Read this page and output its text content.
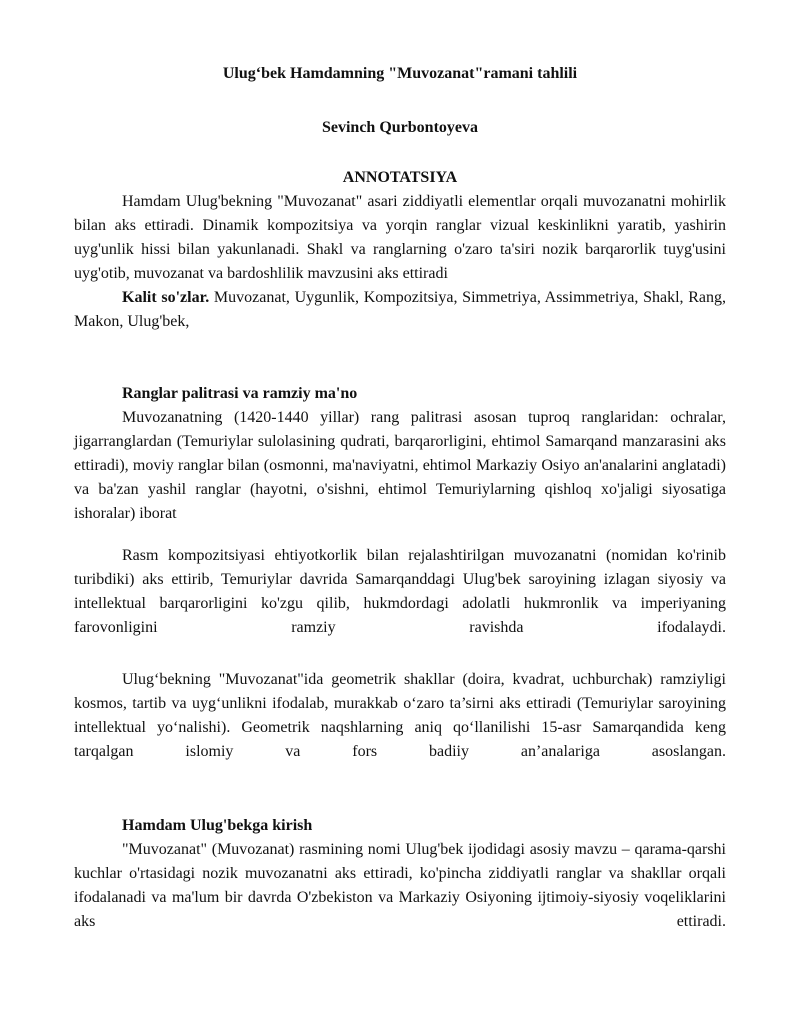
Ulug‘bek Hamdamning "Muvozanat"ramani tahlili
Sevinch Qurbontoyeva
ANNOTATSIYA

Hamdam Ulug'bekning "Muvozanat" asari ziddiyatli elementlar orqali muvozanatni mohirlik bilan aks ettiradi. Dinamik kompozitsiya va yorqin ranglar vizual keskinlikni yaratib, yashirin uyg'unlik hissi bilan yakunlanadi. Shakl va ranglarning o'zaro ta'siri nozik barqarorlik tuyg'usini uyg'otib, muvozanat va bardoshlilik mavzusini aks ettiradi

Kalit so'zlar. Muvozanat, Uygunlik, Kompozitsiya, Simmetriya, Assimmetriya, Shakl, Rang, Makon, Ulug'bek,

Ranglar palitrasi va ramziy ma'no

Muvozanatning (1420-1440 yillar) rang palitrasi asosan tuproq ranglaridan: ochralar, jigarranglardan (Temuriylar sulolasining qudrati, barqarorligini, ehtimol Samarqand manzarasini aks ettiradi), moviy ranglar bilan (osmonni, ma'naviyatni, ehtimol Markaziy Osiyo an'analarini anglatadi) va ba'zan yashil ranglar (hayotni, o'sishni, ehtimol Temuriylarning qishloq xo'jaligi siyosatiga ishoralar) iborat

Rasm kompozitsiyasi ehtiyotkorlik bilan rejalashtirilgan muvozanatni (nomidan ko'rinib turibdiki) aks ettirib, Temuriylar davrida Samarqanddagi Ulug'bek saroyining izlagan siyosiy va intellektual barqarorligini ko'zgu qilib, hukmdordagi adolatli hukmronlik va imperiyaning farovonligini ramziy ravishda ifodalaydi.

Ulug‘bekning "Muvozanat"ida geometrik shakllar (doira, kvadrat, uchburchak) ramziyligi kosmos, tartib va uyg‘unlikni ifodalab, murakkab o‘zaro ta’sirni aks ettiradi (Temuriylar saroyining intellektual yo‘nalishi). Geometrik naqshlarning aniq qo‘llanilishi 15-asr Samarqandida keng tarqalgan islomiy va fors badiiy an’analariga asoslangan.

Hamdam Ulug'bekga kirish

"Muvozanat" (Muvozanat) rasmining nomi Ulug'bek ijodidagi asosiy mavzu – qarama-qarshi kuchlar o'rtasidagi nozik muvozanatni aks ettiradi, ko'pincha ziddiyatli ranglar va shakllar orqali ifodalanadi va ma'lum bir davrda O'zbekiston va Markaziy Osiyoning ijtimoiy-siyosiy voqeliklarini aks ettiradi.
